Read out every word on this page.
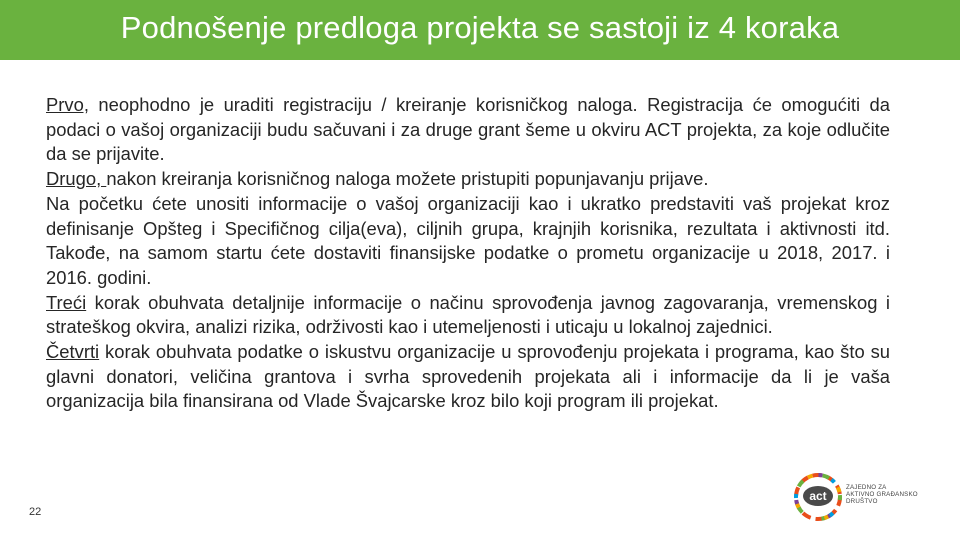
Podnošenje predloga projekta se sastoji iz 4 koraka

Prvo, neophodno je uraditi registraciju / kreiranje korisničkog naloga. Registracija će omogućiti da podaci o vašoj organizaciji budu sačuvani i za druge grant šeme u okviru ACT projekta, za koje odlučite da se prijavite.

Drugo, nakon kreiranja korisničnog naloga možete pristupiti popunjavanju prijave.

Na početku ćete unositi informacije o vašoj organizaciji kao i ukratko predstaviti vaš projekat kroz definisanje Opšteg i Specifičnog cilja(eva), ciljnih grupa, krajnjih korisnika, rezultata i aktivnosti itd. Takođe, na samom startu ćete dostaviti finansijske podatke o prometu organizacije u 2018, 2017. i 2016. godini.

Treći korak obuhvata detaljnije informacije o načinu sprovođenja javnog zagovaranja, vremenskog i strateškog okvira, analizi rizika, održivosti kao i utemeljenosti i uticaju u lokalnoj zajednici.

Četvrti korak obuhvata podatke o iskustvu organizacije u sprovođenju projekata i programa, kao što su glavni donatori, veličina grantova i svrha sprovedenih projekata ali i informacije da li je vaša organizacija bila finansirana od Vlade Švajcarske kroz bilo koji program ili projekat.

22
act
ZAJEDNO ZA
AKTIVNO GRAĐANSKO
DRUŠTVO
